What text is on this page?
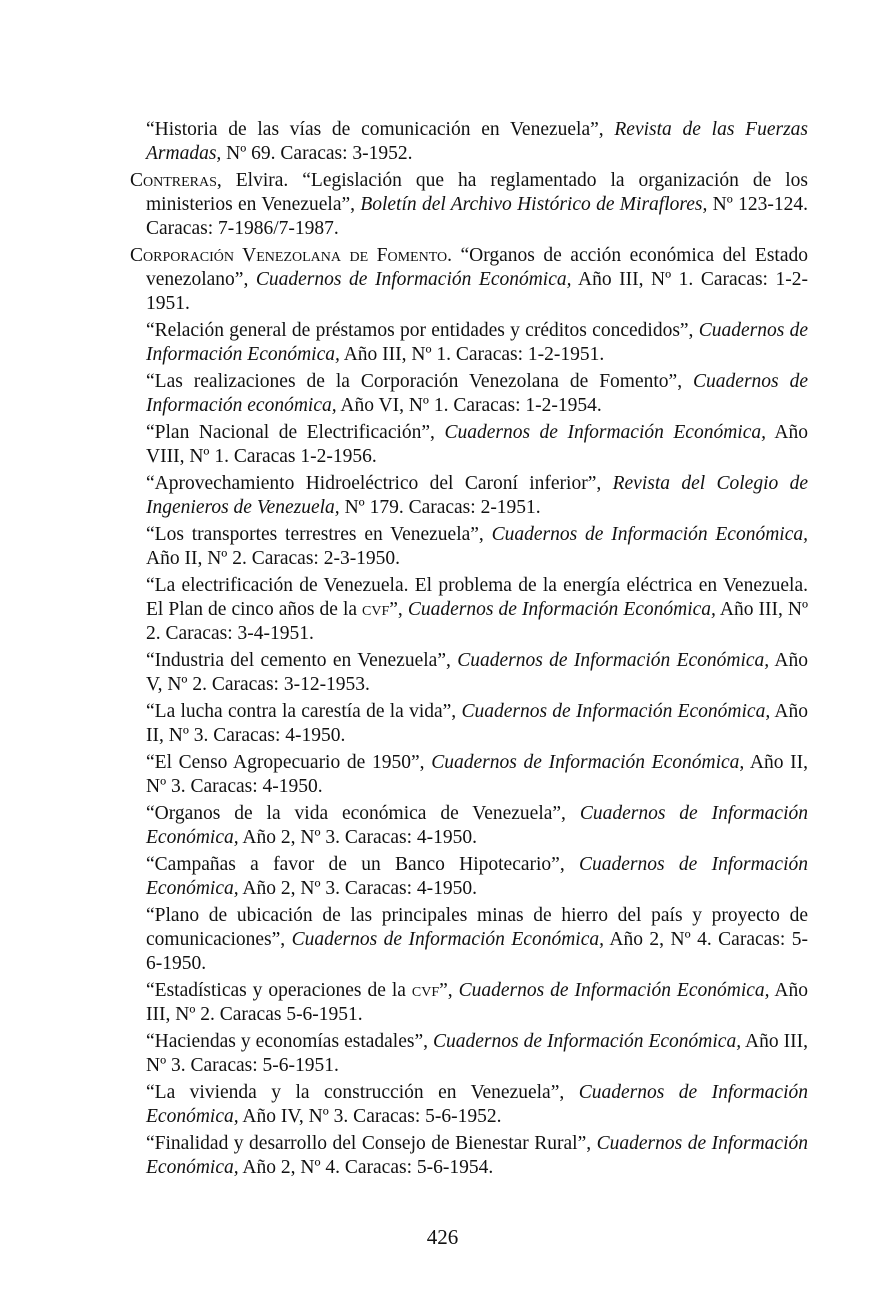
“Historia de las vías de comunicación en Venezuela”, Revista de las Fuerzas Armadas, Nº 69. Caracas: 3-1952.

Contreras, Elvira. “Legislación que ha reglamentado la organización de los ministerios en Venezuela”, Boletín del Archivo Histórico de Miraflores, Nº 123-124. Caracas: 7-1986/7-1987.

Corporación Venezolana de Fomento. “Organos de acción económica del Estado venezolano”, Cuadernos de Información Económica, Año III, Nº 1. Caracas: 1-2-1951.

“Relación general de préstamos por entidades y créditos concedidos”, Cuadernos de Información Económica, Año III, Nº 1. Caracas: 1-2-1951.

“Las realizaciones de la Corporación Venezolana de Fomento”, Cuadernos de Información económica, Año VI, Nº 1. Caracas: 1-2-1954.

“Plan Nacional de Electrificación”, Cuadernos de Información Económica, Año VIII, Nº 1. Caracas 1-2-1956.

“Aprovechamiento Hidroeléctrico del Caroní inferior”, Revista del Colegio de Ingenieros de Venezuela, Nº 179. Caracas: 2-1951.

“Los transportes terrestres en Venezuela”, Cuadernos de Información Económica, Año II, Nº 2. Caracas: 2-3-1950.

“La electrificación de Venezuela. El problema de la energía eléctrica en Venezuela. El Plan de cinco años de la cvf”, Cuadernos de Información Económica, Año III, Nº 2. Caracas: 3-4-1951.

“Industria del cemento en Venezuela”, Cuadernos de Información Económica, Año V, Nº 2. Caracas: 3-12-1953.

“La lucha contra la carestía de la vida”, Cuadernos de Información Económica, Año II, Nº 3. Caracas: 4-1950.

“El Censo Agropecuario de 1950”, Cuadernos de Información Económica, Año II, Nº 3. Caracas: 4-1950.

“Organos de la vida económica de Venezuela”, Cuadernos de Información Económica, Año 2, Nº 3. Caracas: 4-1950.

“Campañas a favor de un Banco Hipotecario”, Cuadernos de Información Económica, Año 2, Nº 3. Caracas: 4-1950.

“Plano de ubicación de las principales minas de hierro del país y proyecto de comunicaciones”, Cuadernos de Información Económica, Año 2, Nº 4. Caracas: 5-6-1950.

“Estadísticas y operaciones de la cvf”, Cuadernos de Información Económica, Año III, Nº 2. Caracas 5-6-1951.

“Haciendas y economías estadales”, Cuadernos de Información Económica, Año III, Nº 3. Caracas: 5-6-1951.

“La vivienda y la construcción en Venezuela”, Cuadernos de Información Económica, Año IV, Nº 3. Caracas: 5-6-1952.

“Finalidad y desarrollo del Consejo de Bienestar Rural”, Cuadernos de Información Económica, Año 2, Nº 4. Caracas: 5-6-1954.

426
